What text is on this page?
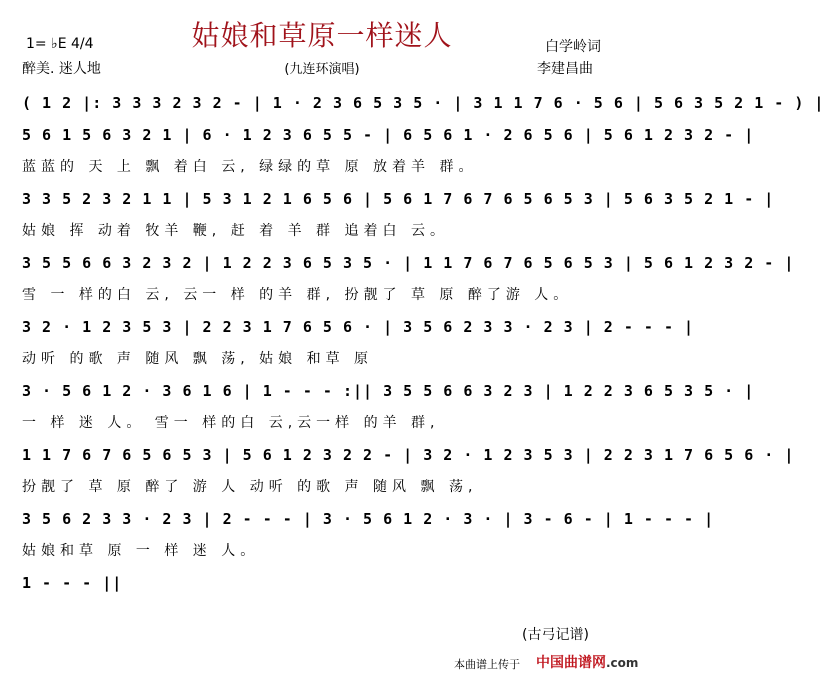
姑娘和草原一样迷人
1= ♭E 4/4
醉美. 迷人地	(九连环演唱)
白学岭词
李建昌曲
( 1 2 |: 3 3 3 2 3 2 - | 1 · 2 3 6 5 3 5 · | 3 1 1 7 6 · 5 6 | 5 6 3 5 2 1 - ) |
5 6 1 5 6 3 2 1 | 6 · 1 2 3 6 5 5 - | 6 5 6 1 · 2 6 5 6 | 5 6 1 2 3 2 - |
蓝蓝的 天 上 飘 着白 云, 绿绿的草 原 放着羊 群。
3 3 5 2 3 2 1 1 | 5 3 1 2 1 6 5 6 | 5 6 1 7 6 7 6 5 6 5 3 | 5 6 3 5 2 1 - |
姑娘 挥 动着 牧羊 鞭, 赶 着 羊 群 追着白 云。
3 5 5 6 6 3 2 3 2 | 1 2 2 3 6 5 3 5 · | 1 1 7 6 7 6 5 6 5 3 | 5 6 1 2 3 2 - |
雪 一 样的白 云, 云一 样 的羊 群, 扮靓了 草 原 醉了游 人。
3 2 · 1 2 3 5 3 | 2 2 3 1 7 6 5 6 · | 3 5 6 2 3 3 · 2 3 | 2 - - - |
动听 的歌 声 随风 飘 荡, 姑娘 和草 原
3 · 5 6 1 2 · 3 6 1 6 | 1 - - - :|| 3 5 5 6 6 3 2 3 | 1 2 2 3 6 5 3 5 · |
一 样 迷 人。 雪一 样的白 云,云一样 的羊 群,
1 1 7 6 7 6 5 6 5 3 | 5 6 1 2 3 2 2 - | 3 2 · 1 2 3 5 3 | 2 2 3 1 7 6 5 6 · |
扮靓了 草 原 醉了 游 人 动听 的歌 声 随风 飘 荡,
3 5 6 2 3 3 · 2 3 | 2 - - - | 3 · 5 6 1 2 · 3 · | 3 - 6 - | 1 - - - |
姑娘和草 原 一 样 迷 人。
1 - - - ||
(古弓记谱)
本曲谱上传于 中国曲谱网.com
